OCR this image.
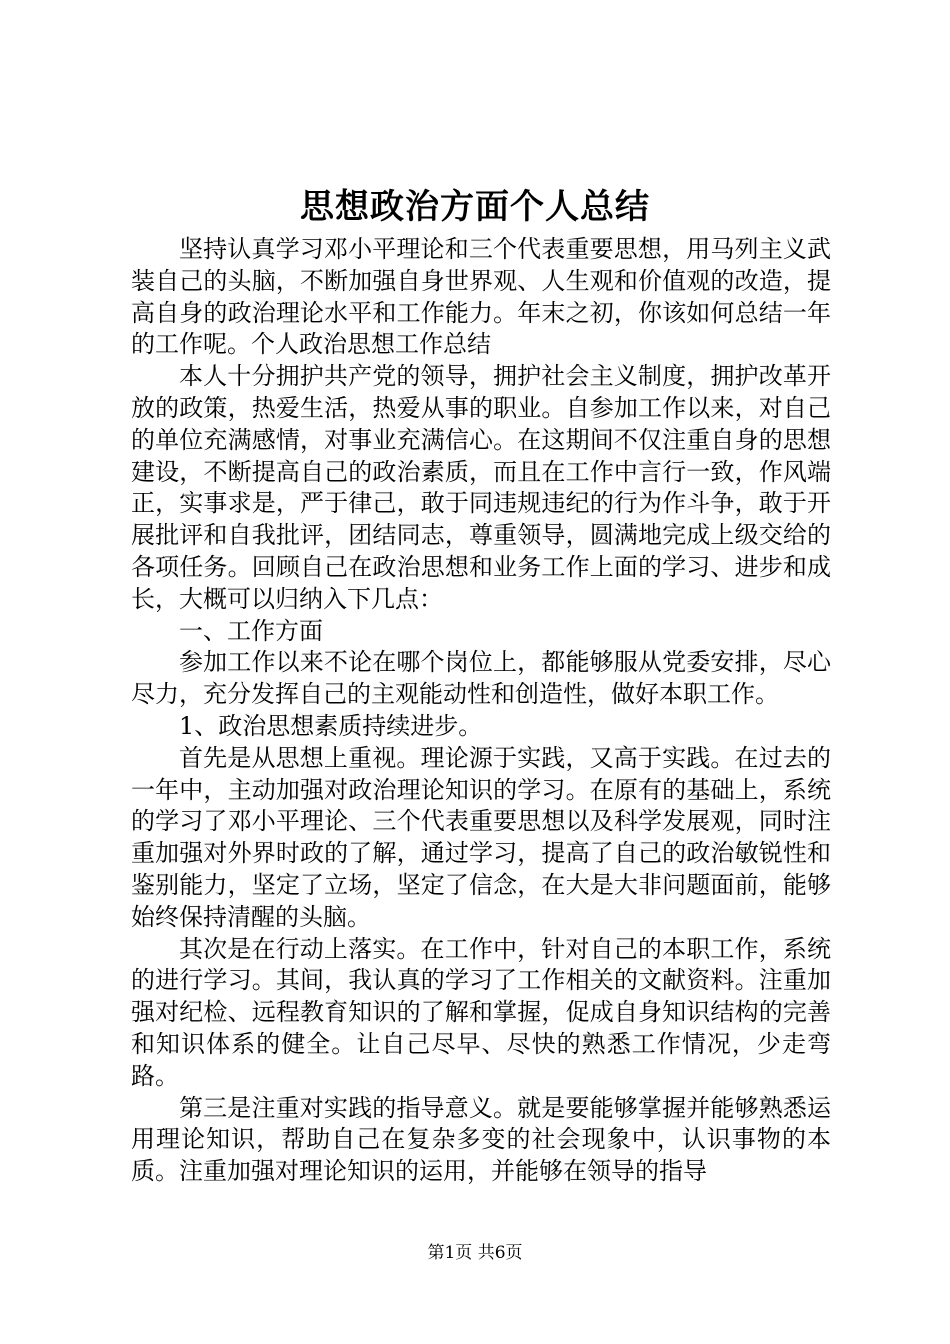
思想政治方面个人总结

坚持认真学习邓小平理论和三个代表重要思想，用马列主义武装自己的头脑，不断加强自身世界观、人生观和价值观的改造，提高自身的政治理论水平和工作能力。年末之初，你该如何总结一年的工作呢。个人政治思想工作总结

本人十分拥护共产党的领导，拥护社会主义制度，拥护改革开放的政策，热爱生活，热爱从事的职业。自参加工作以来，对自己的单位充满感情，对事业充满信心。在这期间不仅注重自身的思想建设，不断提高自己的政治素质，而且在工作中言行一致，作风端正，实事求是，严于律己，敢于同违规违纪的行为作斗争，敢于开展批评和自我批评，团结同志，尊重领导，圆满地完成上级交给的各项任务。回顾自己在政治思想和业务工作上面的学习、进步和成长，大概可以归纳入下几点：

一、工作方面

参加工作以来不论在哪个岗位上，都能够服从党委安排，尽心尽力，充分发挥自己的主观能动性和创造性，做好本职工作。

1、政治思想素质持续进步。

首先是从思想上重视。理论源于实践，又高于实践。在过去的一年中，主动加强对政治理论知识的学习。在原有的基础上，系统的学习了邓小平理论、三个代表重要思想以及科学发展观，同时注重加强对外界时政的了解，通过学习，提高了自己的政治敏锐性和鉴别能力，坚定了立场，坚定了信念，在大是大非问题面前，能够始终保持清醒的头脑。

其次是在行动上落实。在工作中，针对自己的本职工作，系统的进行学习。其间，我认真的学习了工作相关的文献资料。注重加强对纪检、远程教育知识的了解和掌握，促成自身知识结构的完善和知识体系的健全。让自己尽早、尽快的熟悉工作情况，少走弯路。

第三是注重对实践的指导意义。就是要能够掌握并能够熟悉运用理论知识，帮助自己在复杂多变的社会现象中，认识事物的本质。注重加强对理论知识的运用，并能够在领导的指导

第1页 共6页
